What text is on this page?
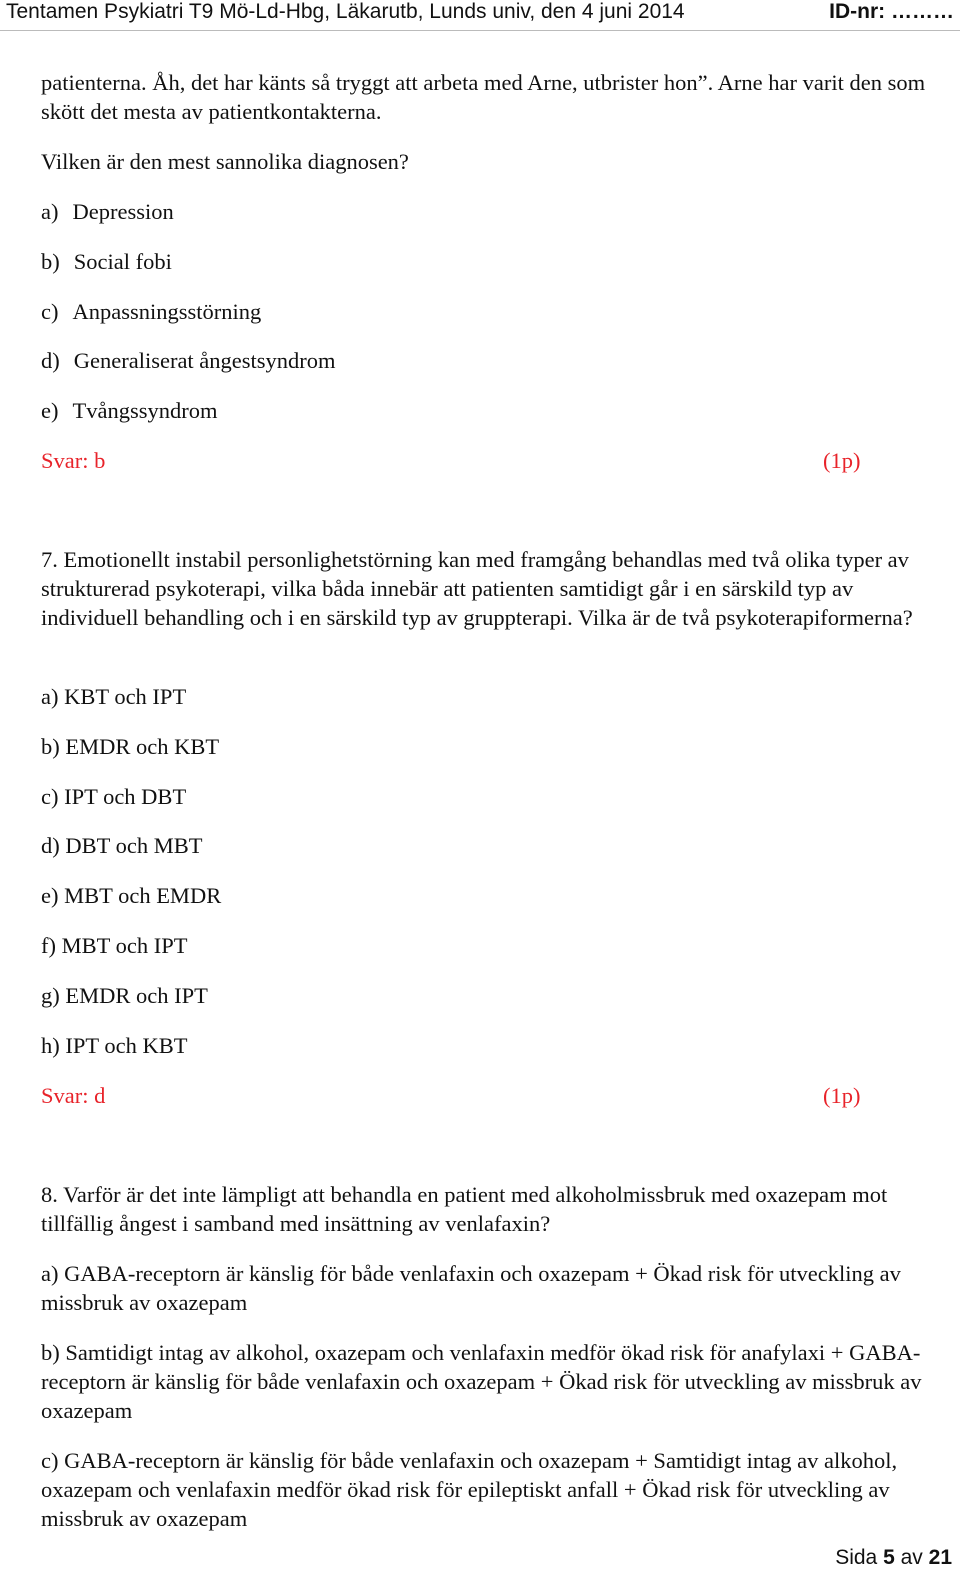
Tentamen Psykiatri T9 Mö-Ld-Hbg, Läkarutb, Lunds univ, den 4 juni 2014	ID-nr: ………
patienterna. Åh, det har känts så tryggt att arbeta med Arne, utbrister hon”. Arne har varit den som skött det mesta av patientkontakterna.
Vilken är den mest sannolika diagnosen?
a) Depression
b) Social fobi
c) Anpassningsstörning
d) Generaliserat ångestsyndrom
e) Tvångssyndrom
Svar: b	(1p)
7. Emotionellt instabil personlighetstörning kan med framgång behandlas med två olika typer av strukturerad psykoterapi, vilka båda innebär att patienten samtidigt går i en särskild typ av individuell behandling och i en särskild typ av gruppterapi. Vilka är de två psykoterapiformerna?
a) KBT och IPT
b) EMDR och KBT
c) IPT och DBT
d) DBT och MBT
e) MBT och EMDR
f) MBT och IPT
g) EMDR och IPT
h) IPT och KBT
Svar: d	(1p)
8. Varför är det inte lämpligt att behandla en patient med alkoholmissbruk med oxazepam mot tillfällig ångest i samband med insättning av venlafaxin?
a) GABA-receptorn är känslig för både venlafaxin och oxazepam + Ökad risk för utveckling av missbruk av oxazepam
b) Samtidigt intag av alkohol, oxazepam och venlafaxin medför ökad risk för anafylaxi + GABA-receptorn är känslig för både venlafaxin och oxazepam + Ökad risk för utveckling av missbruk av oxazepam
c) GABA-receptorn är känslig för både venlafaxin och oxazepam + Samtidigt intag av alkohol, oxazepam och venlafaxin medför ökad risk för epileptiskt anfall + Ökad risk för utveckling av missbruk av oxazepam
Sida 5 av 21
